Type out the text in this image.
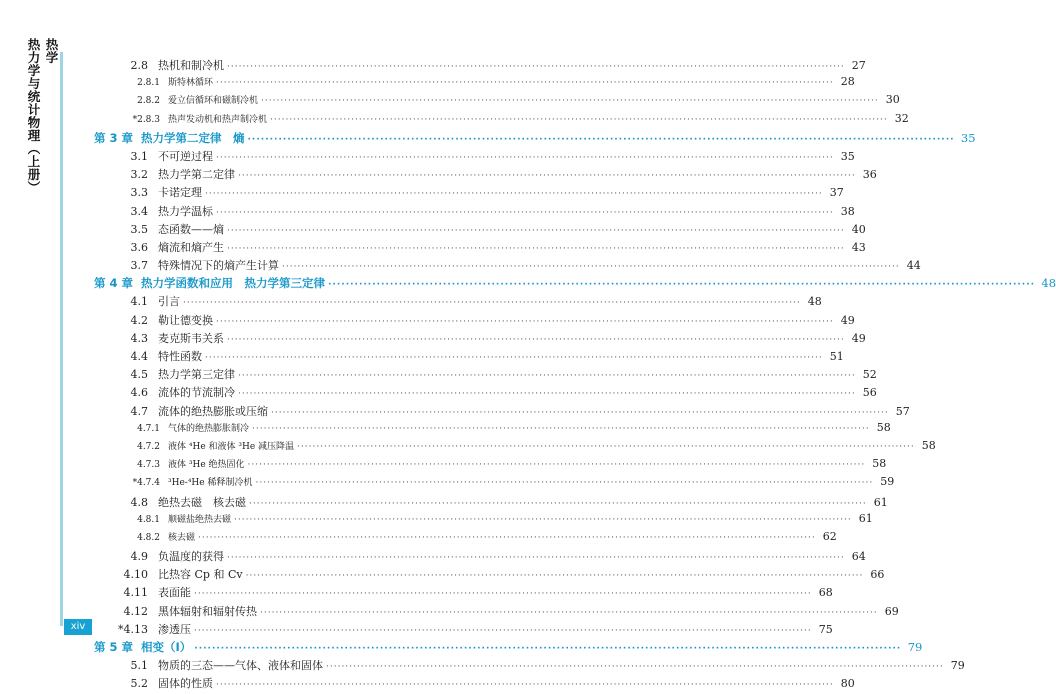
热学
热力学与统计物理（上册）
xiv
2.8 热机和制冷机 ································································································································································ 27
2.8.1 斯特林循环 ································································································································································ 28
2.8.2 爱立信循环和磁制冷机 ································································································································································ 30
*2.8.3 热声发动机和热声制冷机 ································································································································································ 32
第 3 章 热力学第二定律　熵 ································································································································································ 35
3.1 不可逆过程 ································································································································································ 35
3.2 热力学第二定律 ································································································································································ 36
3.3 卡诺定理 ································································································································································ 37
3.4 热力学温标 ································································································································································ 38
3.5 态函数——熵 ································································································································································ 40
3.6 熵流和熵产生 ································································································································································ 43
3.7 特殊情况下的熵产生计算 ································································································································································ 44
第 4 章 热力学函数和应用　热力学第三定律 ································································································································································ 48
4.1 引言 ································································································································································ 48
4.2 勒让德变换 ································································································································································ 49
4.3 麦克斯韦关系 ································································································································································ 49
4.4 特性函数 ································································································································································ 51
4.5 热力学第三定律 ································································································································································ 52
4.6 流体的节流制冷 ································································································································································ 56
4.7 流体的绝热膨胀或压缩 ································································································································································ 57
4.7.1 气体的绝热膨胀制冷 ································································································································································ 58
4.7.2 液体 ⁴He 和液体 ³He 减压降温 ································································································································································ 58
4.7.3 液体 ³He 绝热固化 ································································································································································ 58
*4.7.4 ³He-⁴He 稀释制冷机 ································································································································································ 59
4.8 绝热去磁　核去磁 ································································································································································ 61
4.8.1 顺磁盐绝热去磁 ································································································································································ 61
4.8.2 核去磁 ································································································································································ 62
4.9 负温度的获得 ································································································································································ 64
4.10 比热容 Cp 和 Cv ································································································································································ 66
4.11 表面能 ································································································································································ 68
4.12 黑体辐射和辐射传热 ································································································································································ 69
*4.13 渗透压 ································································································································································ 75
第 5 章 相变（Ⅰ） ································································································································································ 79
5.1 物质的三态——气体、液体和固体 ································································································································································ 79
5.2 固体的性质 ································································································································································ 80
